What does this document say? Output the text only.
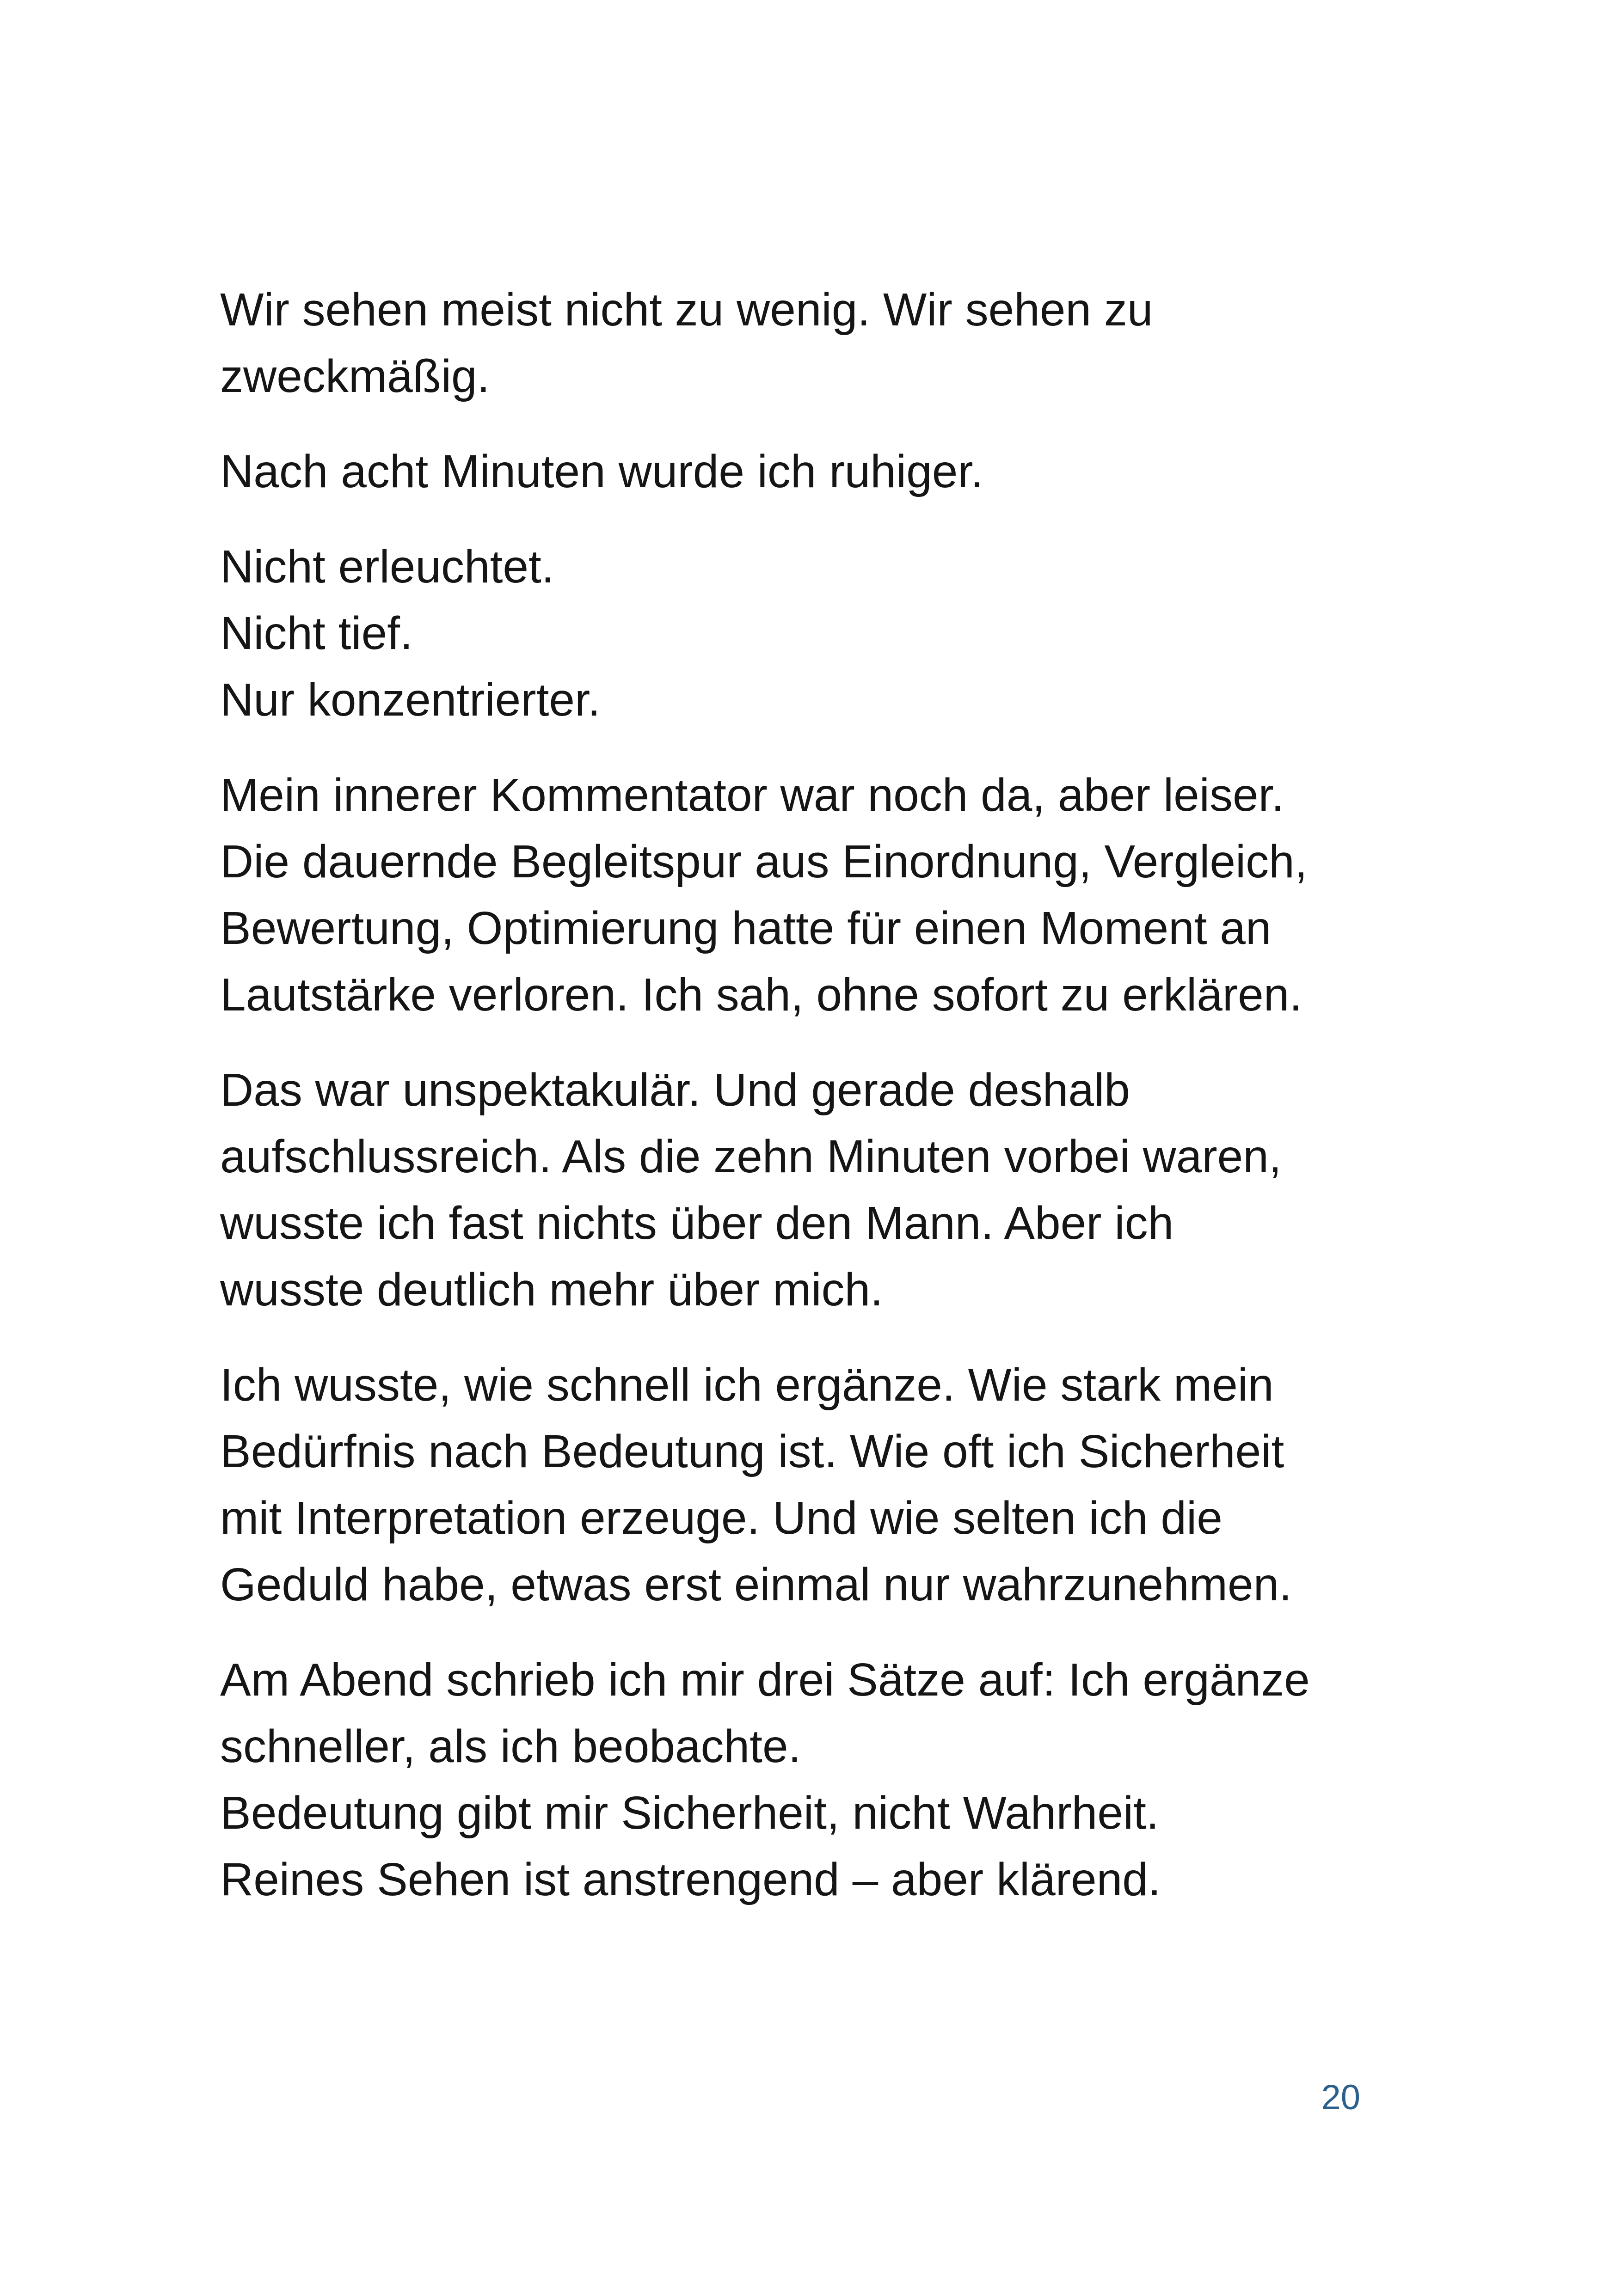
Wir sehen meist nicht zu wenig. Wir sehen zu
zweckmäßig.

Nach acht Minuten wurde ich ruhiger.

Nicht erleuchtet.
Nicht tief.
Nur konzentrierter.

Mein innerer Kommentator war noch da, aber leiser.
Die dauernde Begleitspur aus Einordnung, Vergleich,
Bewertung, Optimierung hatte für einen Moment an
Lautstärke verloren. Ich sah, ohne sofort zu erklären.

Das war unspektakulär. Und gerade deshalb
aufschlussreich. Als die zehn Minuten vorbei waren,
wusste ich fast nichts über den Mann. Aber ich
wusste deutlich mehr über mich.

Ich wusste, wie schnell ich ergänze. Wie stark mein
Bedürfnis nach Bedeutung ist. Wie oft ich Sicherheit
mit Interpretation erzeuge. Und wie selten ich die
Geduld habe, etwas erst einmal nur wahrzunehmen.

Am Abend schrieb ich mir drei Sätze auf: Ich ergänze
schneller, als ich beobachte.
Bedeutung gibt mir Sicherheit, nicht Wahrheit.
Reines Sehen ist anstrengend – aber klärend.

20
